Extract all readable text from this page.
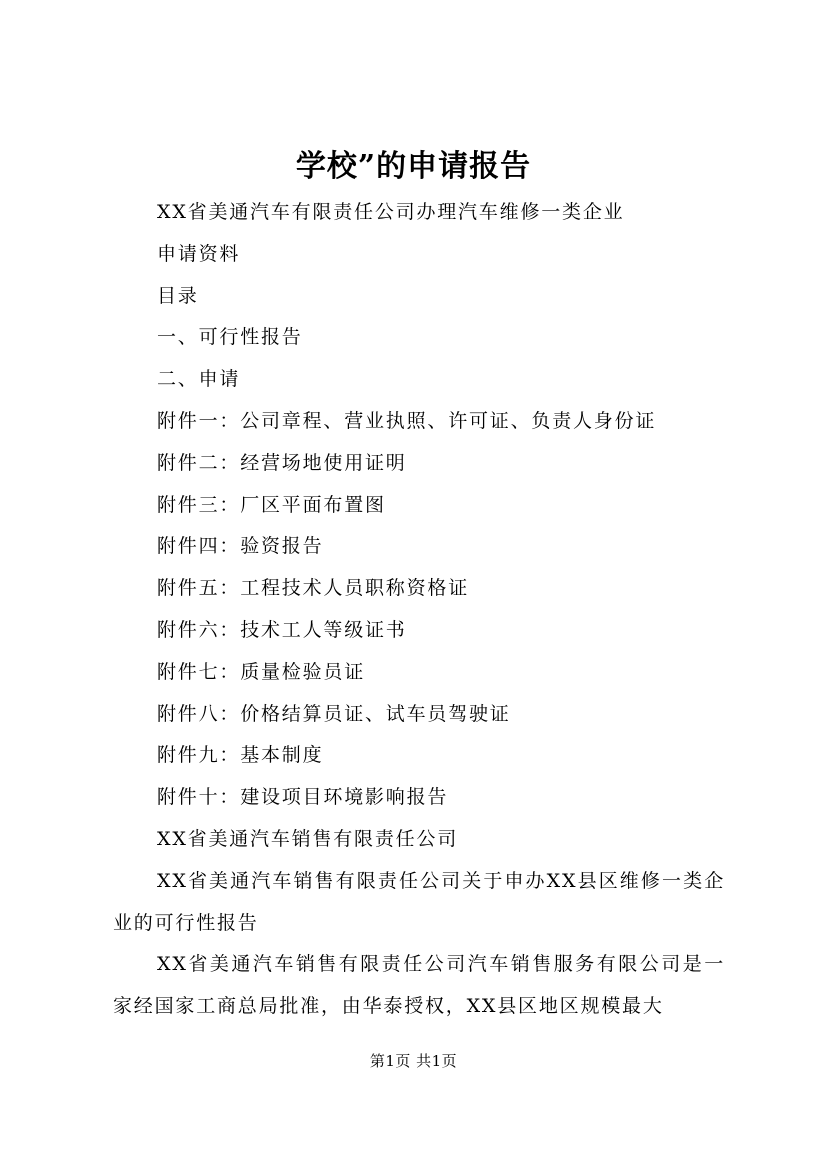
学校”的申请报告

XX省美通汽车有限责任公司办理汽车维修一类企业

申请资料

目录

一、可行性报告

二、申请

附件一：公司章程、营业执照、许可证、负责人身份证

附件二：经营场地使用证明

附件三：厂区平面布置图

附件四：验资报告

附件五：工程技术人员职称资格证

附件六：技术工人等级证书

附件七：质量检验员证

附件八：价格结算员证、试车员驾驶证

附件九：基本制度

附件十：建设项目环境影响报告

XX省美通汽车销售有限责任公司

XX省美通汽车销售有限责任公司关于申办XX县区维修一类企业的可行性报告

XX省美通汽车销售有限责任公司汽车销售服务有限公司是一家经国家工商总局批准，由华泰授权，XX县区地区规模最大

第1页 共1页
